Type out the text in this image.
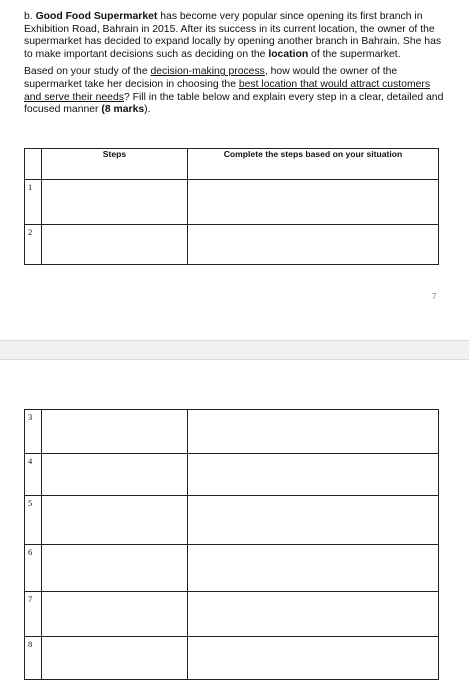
b. Good Food Supermarket has become very popular since opening its first branch in Exhibition Road, Bahrain in 2015. After its success in its current location, the owner of the supermarket has decided to expand locally by opening another branch in Bahrain. She has to make important decisions such as deciding on the location of the supermarket.

Based on your study of the decision-making process, how would the owner of the supermarket take her decision in choosing the best location that would attract customers and serve their needs? Fill in the table below and explain every step in a clear, detailed and focused manner (8 marks).

	Steps	Complete the steps based on your situation
1		
2		
7
3		
4		
5		
6		
7		
8		
